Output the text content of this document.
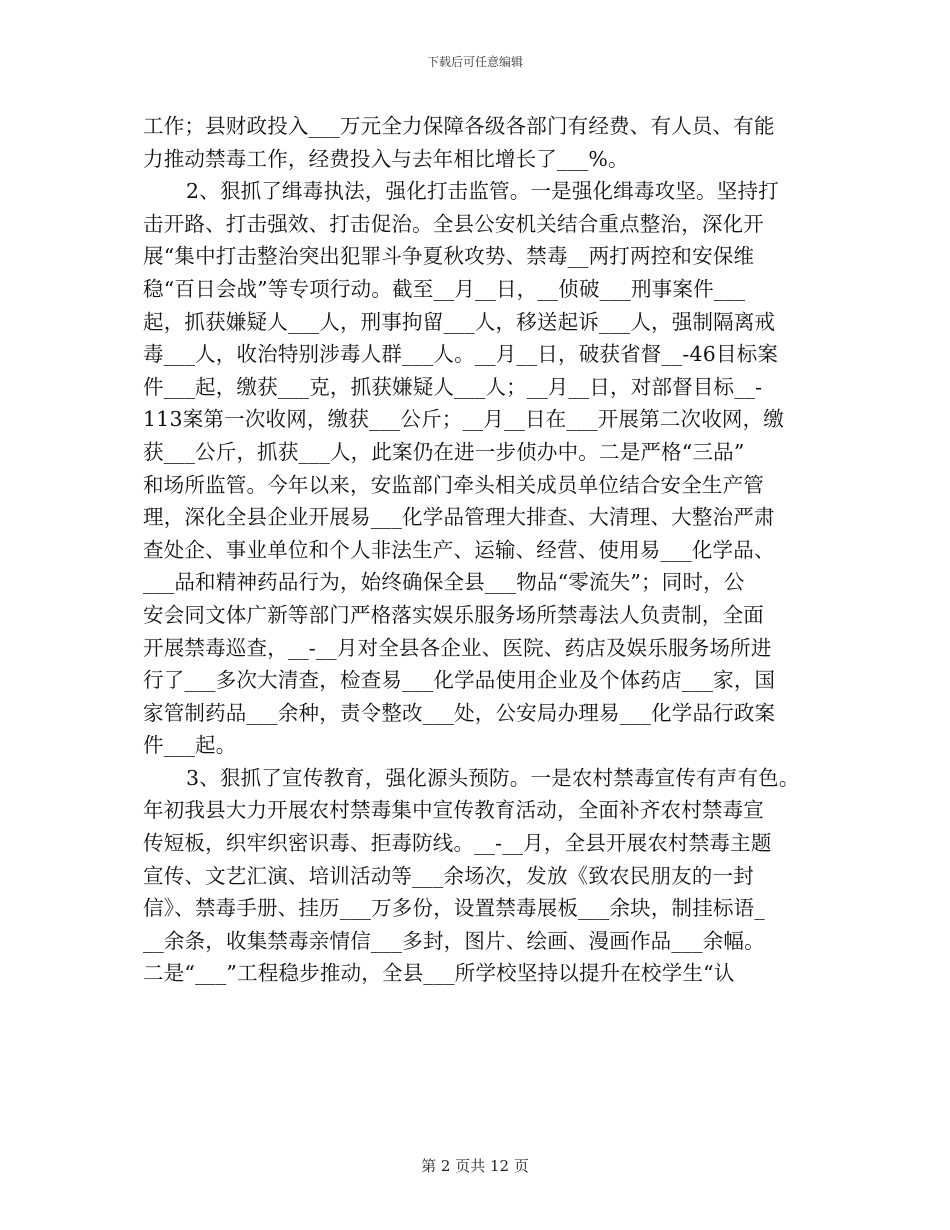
下载后可任意编辑
工作；县财政投入___万元全力保障各级各部门有经费、有人员、有能
力推动禁毒工作，经费投入与去年相比增长了___%。
2、狠抓了缉毒执法，强化打击监管。一是强化缉毒攻坚。坚持打
击开路、打击强效、打击促治。全县公安机关结合重点整治，深化开
展“集中打击整治突出犯罪斗争夏秋攻势、禁毒__两打两控和安保维
稳“百日会战”等专项行动。截至__月__日，__侦破___刑事案件___
起，抓获嫌疑人___人，刑事拘留___人，移送起诉___人，强制隔离戒
毒___人，收治特别涉毒人群___人。__月__日，破获省督__-46目标案
件___起，缴获___克，抓获嫌疑人___人；__月__日，对部督目标__-
113案第一次收网，缴获___公斤；__月__日在___开展第二次收网，缴
获___公斤，抓获___人，此案仍在进一步侦办中。二是严格“三品”
和场所监管。今年以来，安监部门牵头相关成员单位结合安全生产管
理，深化全县企业开展易___化学品管理大排查、大清理、大整治严肃
查处企、事业单位和个人非法生产、运输、经营、使用易___化学品、
___品和精神药品行为，始终确保全县___物品“零流失”；同时，公
安会同文体广新等部门严格落实娱乐服务场所禁毒法人负责制，全面
开展禁毒巡查，__-__月对全县各企业、医院、药店及娱乐服务场所进
行了___多次大清查，检查易___化学品使用企业及个体药店___家，国
家管制药品___余种，责令整改___处，公安局办理易___化学品行政案
件___起。
3、狠抓了宣传教育，强化源头预防。一是农村禁毒宣传有声有色。
年初我县大力开展农村禁毒集中宣传教育活动，全面补齐农村禁毒宣
传短板，织牢织密识毒、拒毒防线。__-__月，全县开展农村禁毒主题
宣传、文艺汇演、培训活动等___余场次，发放《致农民朋友的一封
信》、禁毒手册、挂历___万多份，设置禁毒展板___余块，制挂标语_
__余条，收集禁毒亲情信___多封，图片、绘画、漫画作品___余幅。
二是“___”工程稳步推动，全县___所学校坚持以提升在校学生“认
第 2 页共 12 页
